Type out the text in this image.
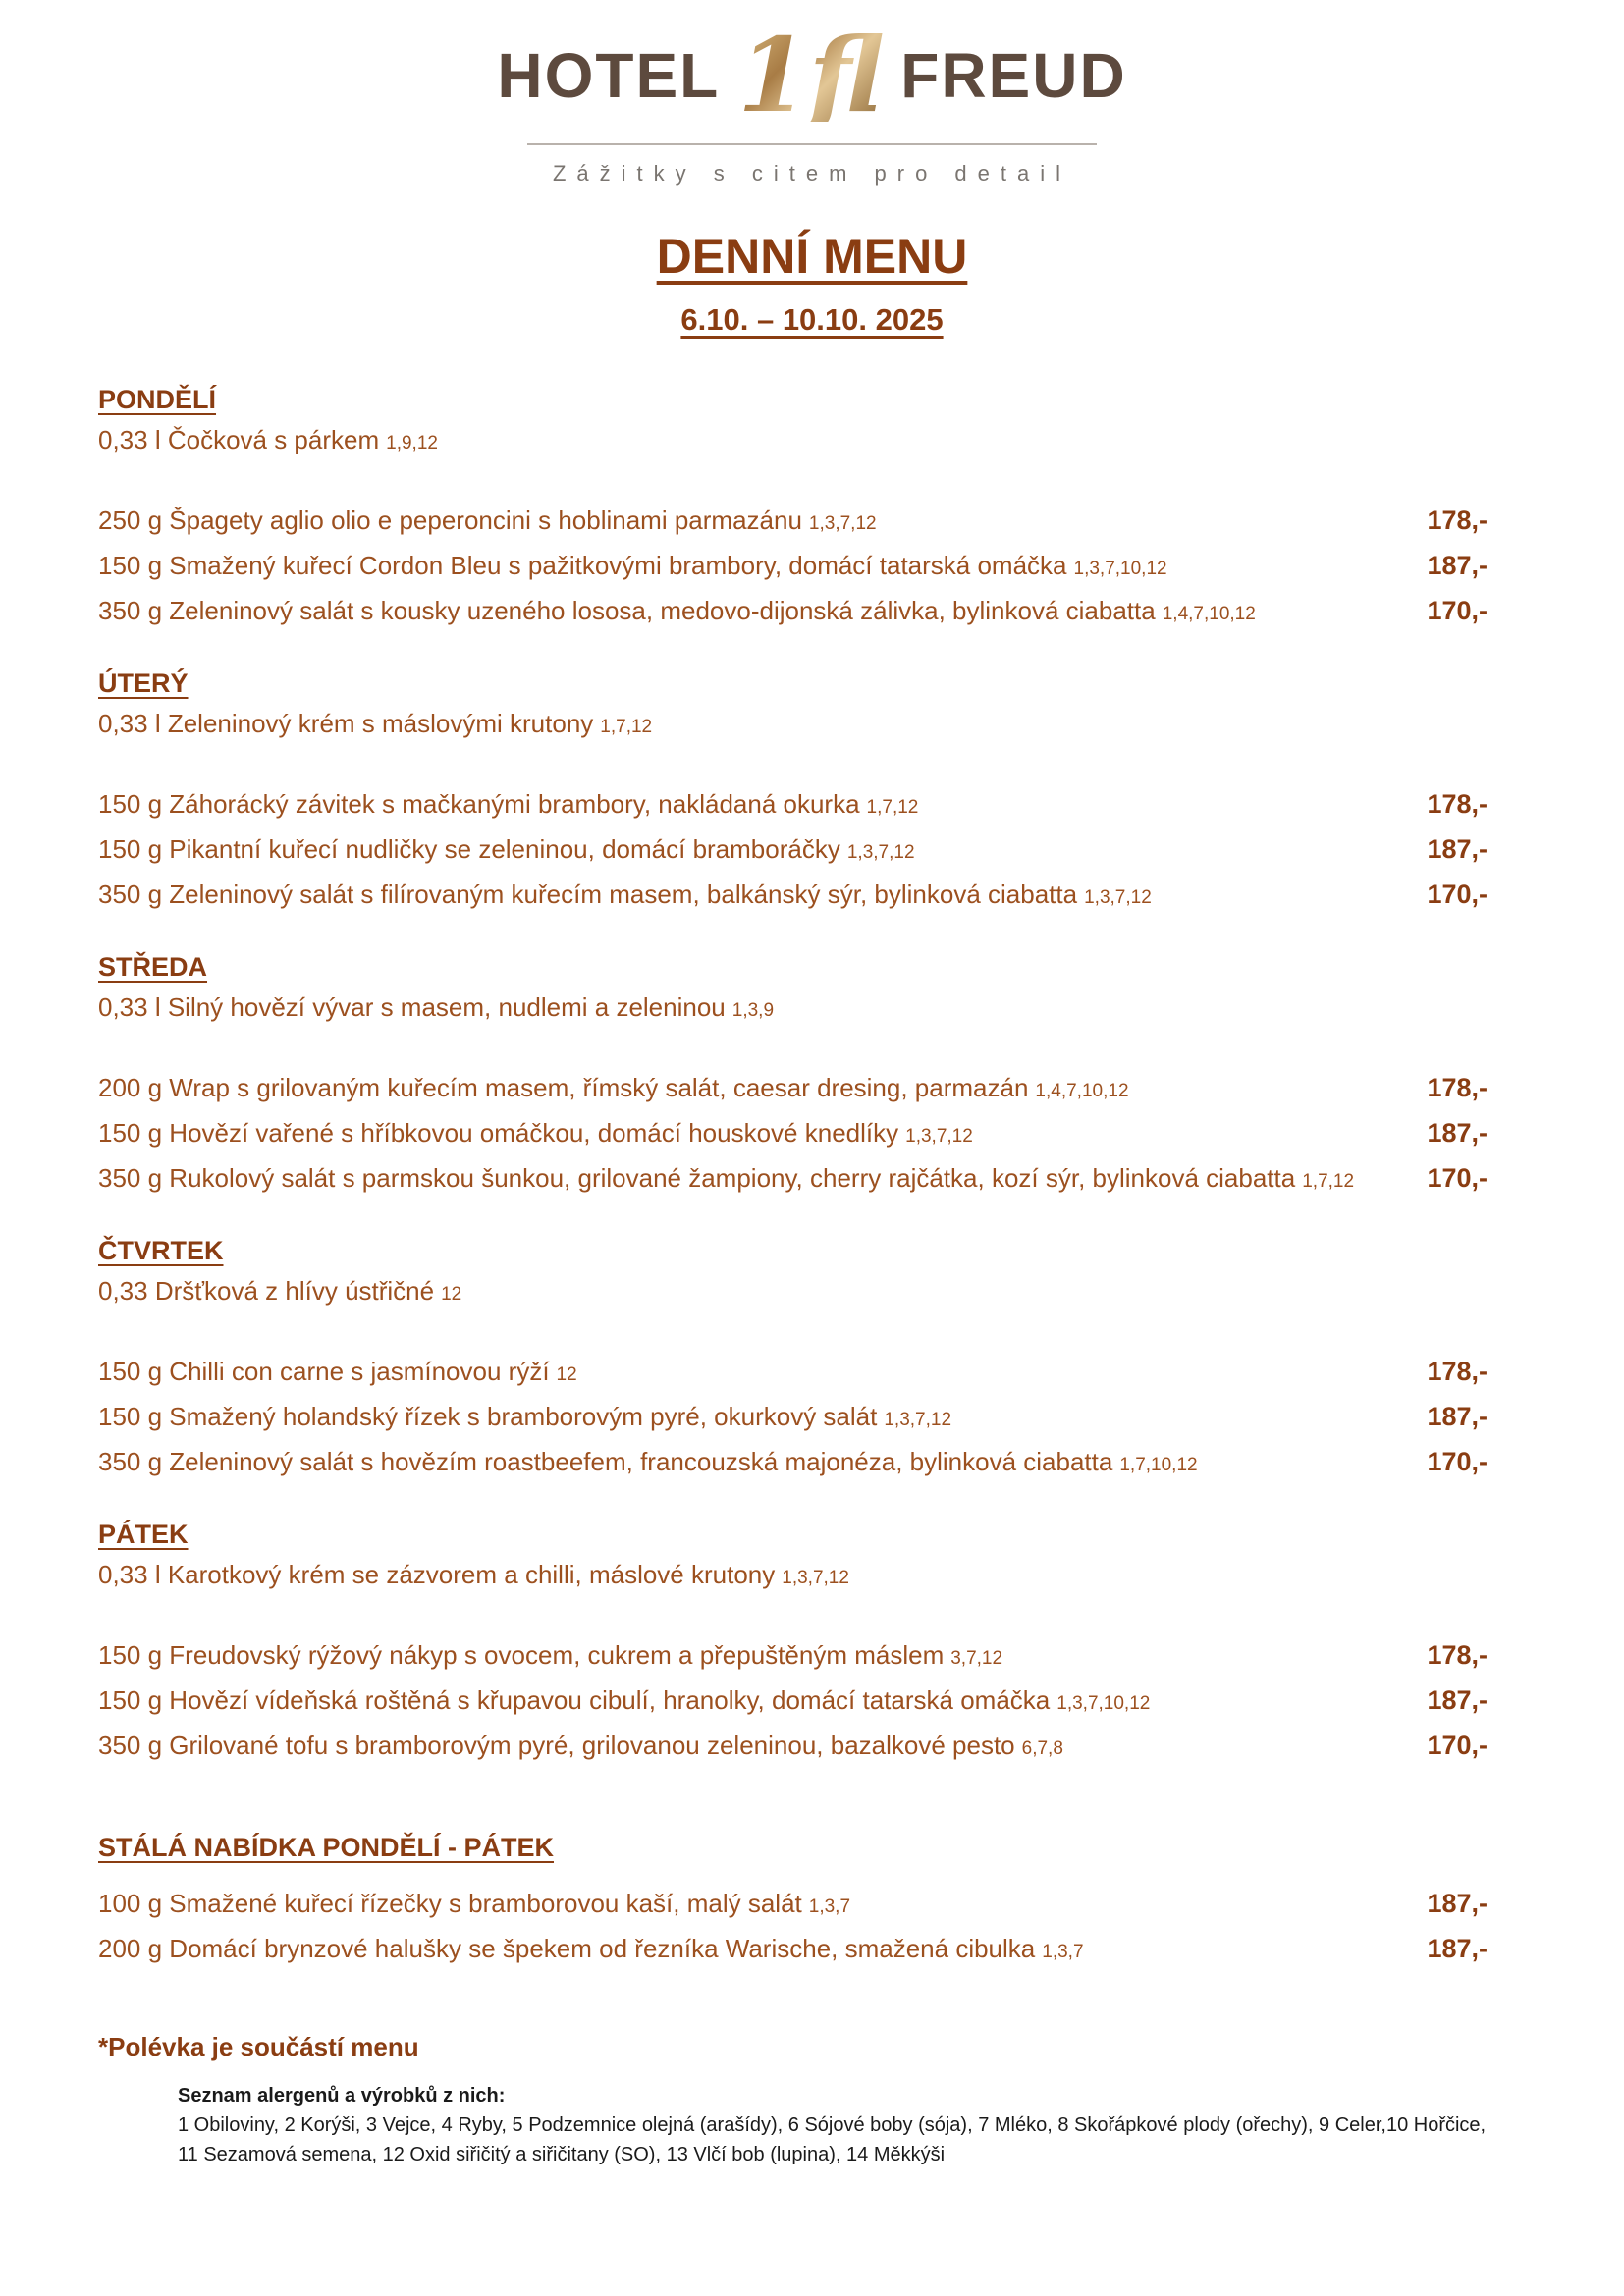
HOTEL 1fl FREUD
Zážitky s citem pro detail
DENNÍ MENU
6.10. – 10.10. 2025
PONDĚLÍ

0,33 l Čočková s párkem 1,9,12

250 g Špagety aglio olio e peperoncini s hoblinami parmazánu 1,3,7,12	178,-
150 g Smažený kuřecí Cordon Bleu s pažitkovými brambory, domácí tatarská omáčka 1,3,7,10,12	187,-
350 g Zeleninový salát s kousky uzeného lososa, medovo-dijonská zálivka, bylinková ciabatta 1,4,7,10,12	170,-
ÚTERÝ

0,33 l Zeleninový krém s máslovými krutony 1,7,12

150 g Záhorácký závitek s mačkanými brambory, nakládaná okurka 1,7,12	178,-
150 g Pikantní kuřecí nudličky se zeleninou, domácí bramboráčky 1,3,7,12	187,-
350 g Zeleninový salát s filírovaným kuřecím masem, balkánský sýr, bylinková ciabatta 1,3,7,12	170,-
STŘEDA

0,33 l Silný hovězí vývar s masem, nudlemi a zeleninou 1,3,9

200 g Wrap s grilovaným kuřecím masem, římský salát, caesar dresing, parmazán 1,4,7,10,12	178,-
150 g Hovězí vařené s hříbkovou omáčkou, domácí houskové knedlíky 1,3,7,12	187,-
350 g Rukolový salát s parmskou šunkou, grilované žampiony, cherry rajčátka, kozí sýr, bylinková ciabatta 1,7,12	170,-
ČTVRTEK

0,33 Dršťková z hlívy ústřičné 12

150 g Chilli con carne s jasmínovou rýží 12	178,-
150 g Smažený holandský řízek s bramborovým pyré, okurkový salát 1,3,7,12	187,-
350 g Zeleninový salát s hovězím roastbeefem, francouzská majonéza, bylinková ciabatta 1,7,10,12	170,-
PÁTEK

0,33 l Karotkový krém se zázvorem a chilli, máslové krutony 1,3,7,12

150 g Freudovský rýžový nákyp s ovocem, cukrem a přepuštěným máslem 3,7,12	178,-
150 g Hovězí vídeňská roštěná s křupavou cibulí, hranolky, domácí tatarská omáčka 1,3,7,10,12	187,-
350 g Grilované tofu s bramborovým pyré, grilovanou zeleninou, bazalkové pesto 6,7,8	170,-
STÁLÁ NABÍDKA PONDĚLÍ - PÁTEK
100 g Smažené kuřecí řízečky s bramborovou kaší, malý salát 1,3,7	187,-
200 g Domácí brynzové halušky se špekem od řezníka Warische, smažená cibulka 1,3,7	187,-

*Polévka je součástí menu

Seznam alergenů a výrobků z nich:
1 Obiloviny, 2 Korýši, 3 Vejce, 4 Ryby, 5 Podzemnice olejná (arašídy), 6 Sójové boby (sója), 7 Mléko, 8 Skořápkové plody (ořechy), 9 Celer,10 Hořčice,
11 Sezamová semena, 12 Oxid siřičitý a siřičitany (SO), 13 Vlčí bob (lupina), 14 Měkkýši
